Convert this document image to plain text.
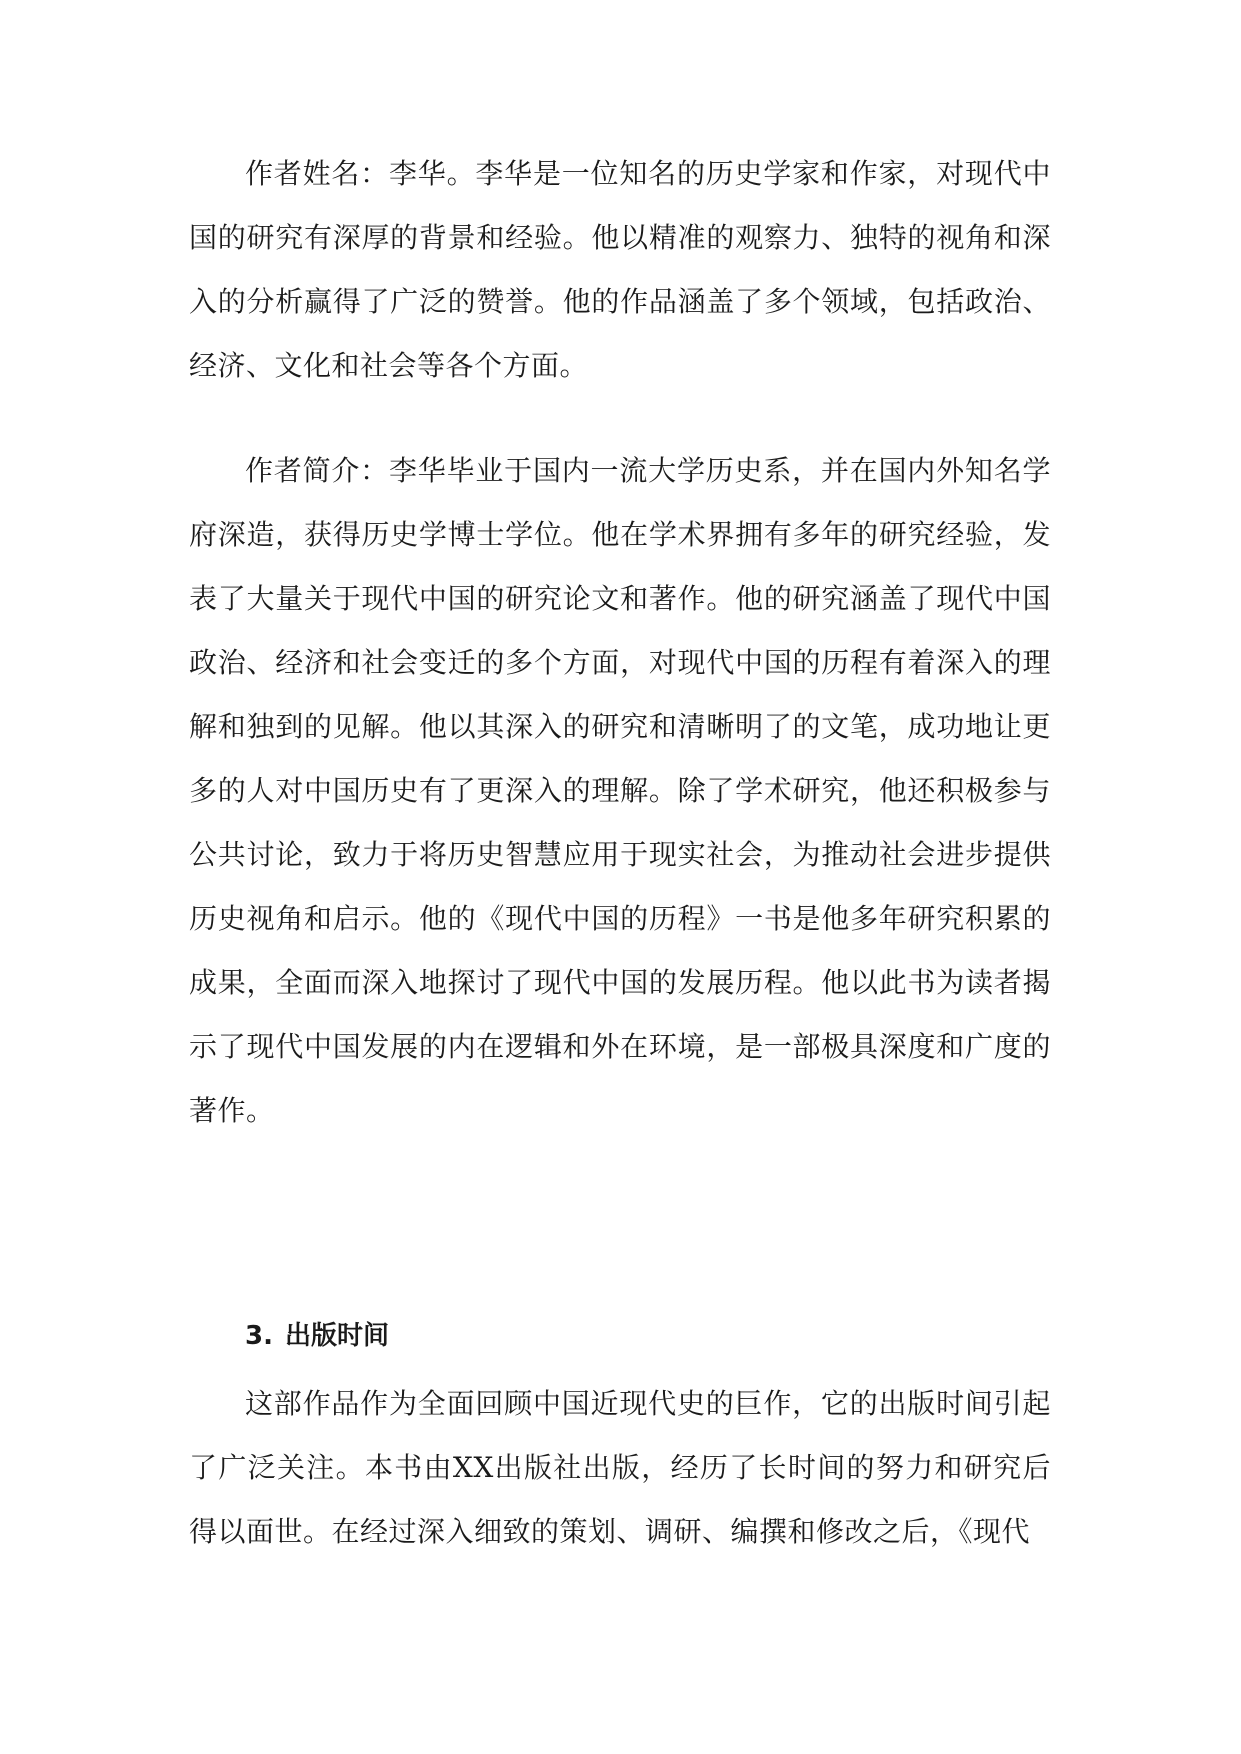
作者姓名：李华。李华是一位知名的历史学家和作家，对现代中国的研究有深厚的背景和经验。他以精准的观察力、独特的视角和深入的分析赢得了广泛的赞誉。他的作品涵盖了多个领域，包括政治、经济、文化和社会等各个方面。

作者简介：李华毕业于国内一流大学历史系，并在国内外知名学府深造，获得历史学博士学位。他在学术界拥有多年的研究经验，发表了大量关于现代中国的研究论文和著作。他的研究涵盖了现代中国政治、经济和社会变迁的多个方面，对现代中国的历程有着深入的理解和独到的见解。他以其深入的研究和清晰明了的文笔，成功地让更多的人对中国历史有了更深入的理解。除了学术研究，他还积极参与公共讨论，致力于将历史智慧应用于现实社会，为推动社会进步提供历史视角和启示。他的《现代中国的历程》一书是他多年研究积累的成果，全面而深入地探讨了现代中国的发展历程。他以此书为读者揭示了现代中国发展的内在逻辑和外在环境，是一部极具深度和广度的著作。

3. 出版时间

这部作品作为全面回顾中国近现代史的巨作，它的出版时间引起了广泛关注。本书由XX出版社出版，经历了长时间的努力和研究后得以面世。在经过深入细致的策划、调研、编撰和修改之后，《现代
